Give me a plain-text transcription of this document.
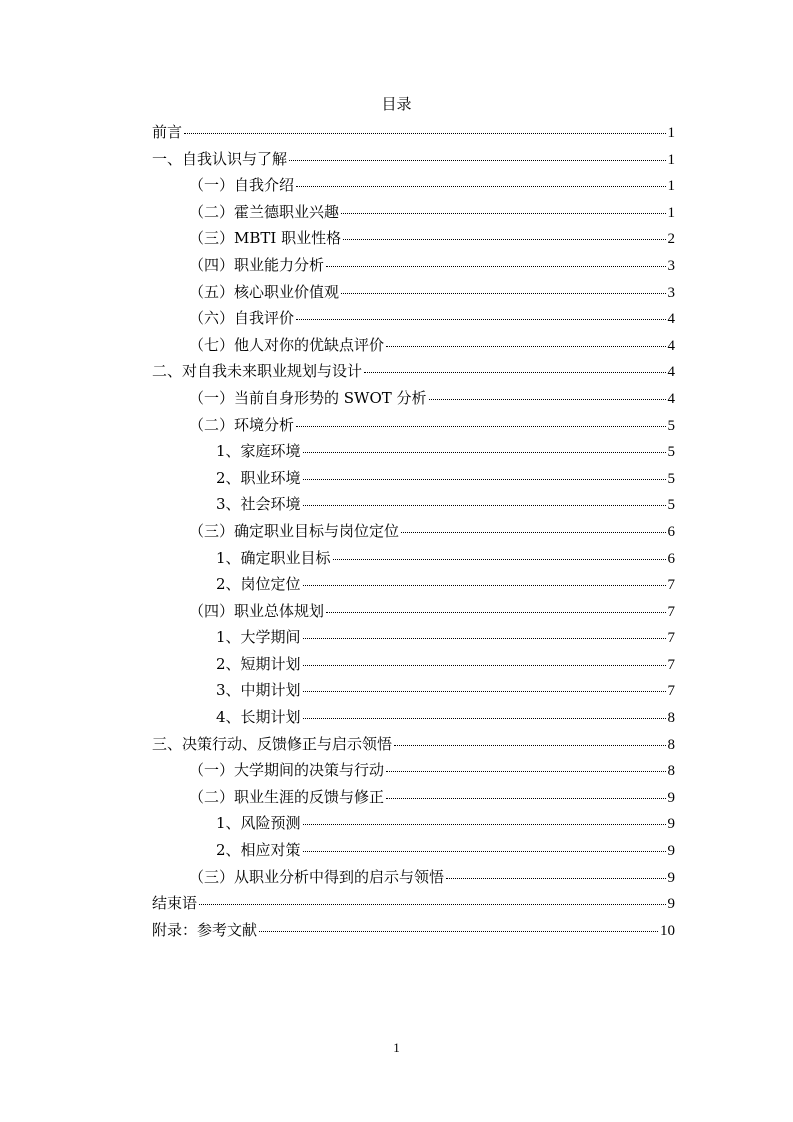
目录
前言	1
一、自我认识与了解	1
（一）自我介绍	1
（二）霍兰德职业兴趣	1
（三）MBTI 职业性格	2
（四）职业能力分析	3
（五）核心职业价值观	3
（六）自我评价	4
（七）他人对你的优缺点评价	4
二、对自我未来职业规划与设计	4
（一）当前自身形势的 SWOT 分析	4
（二）环境分析	5
1、家庭环境	5
2、职业环境	5
3、社会环境	5
（三）确定职业目标与岗位定位	6
1、确定职业目标	6
2、岗位定位	7
（四）职业总体规划	7
1、大学期间	7
2、短期计划	7
3、中期计划	7
4、长期计划	8
三、决策行动、反馈修正与启示领悟	8
（一）大学期间的决策与行动	8
（二）职业生涯的反馈与修正	9
1、风险预测	9
2、相应对策	9
（三）从职业分析中得到的启示与领悟	9
结束语	9
附录：参考文献	10
1
